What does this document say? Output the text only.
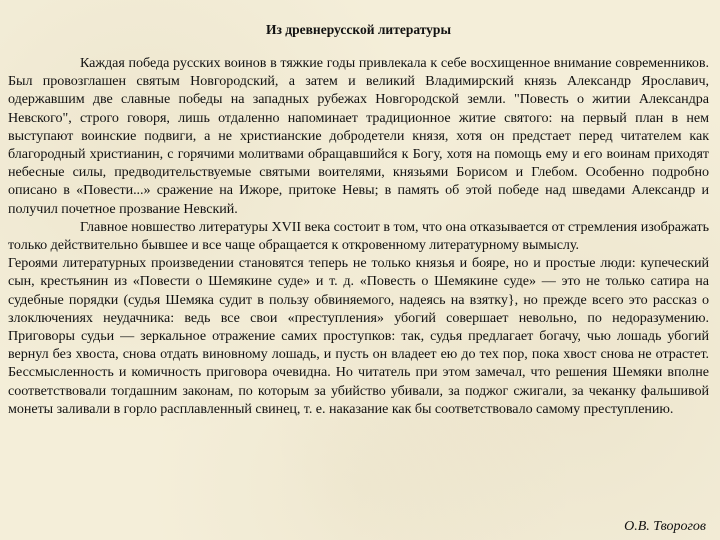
Из древнерусской литературы

Каждая победа русских воинов в тяжкие годы привлекала к себе восхищенное внимание современников. Был провозглашен святым Новгородский, а затем и великий Владимирский князь Александр Ярославич, одержавшим две славные победы на западных рубежах Новгородской земли. "Повесть о житии Александра Невского", строго говоря, лишь отдаленно напоминает традиционное житие святого: на первый план в нем выступают воинские подвиги, а не христианские добродетели князя, хотя он предстает перед читателем как благородный христианин, с горячими молитвами обращавшийся к Богу, хотя на помощь ему и его воинам приходят небесные силы, предводительствуемые святыми воителями, князьями Борисом и Глебом. Особенно подробно описано в «Повести...» сражение на Ижоре, притоке Невы; в память об этой победе над шведами Александр и получил почетное прозвание Невский.

Главное новшество литературы XVII века состоит в том, что она отказывается от стремления изображать только действительно бывшее и все чаще обращается к откровенному литературному вымыслу.

Героями литературных произведении становятся теперь не только князья и бояре, но и простые люди: купеческий сын, крестьянин из «Повести о Шемякине суде» и т. д. «Повесть о Шемякине суде» — это не только сатира на судебные порядки (судья Шемяка судит в пользу обвиняемого, надеясь на взятку}, но прежде всего это рассказ о злоключениях неудачника: ведь все свои «преступления» убогий совершает невольно, по недоразумению. Приговоры судьи — зеркальное отражение самих проступков: так, судья предлагает богачу, чью лошадь убогий вернул без хвоста, снова отдать виновному лошадь, и пусть он владеет ею до тех пор, пока хвост снова не отрастет. Бессмысленность и комичность приговора очевидна. Но читатель при этом замечал, что решения Шемяки вполне соответствовали тогдашним законам, по которым за убийство убивали, за поджог сжигали, за чеканку фальшивой монеты заливали в горло расплавленный свинец, т. е. наказание как бы соответствовало самому преступлению.

О.В. Творогов
